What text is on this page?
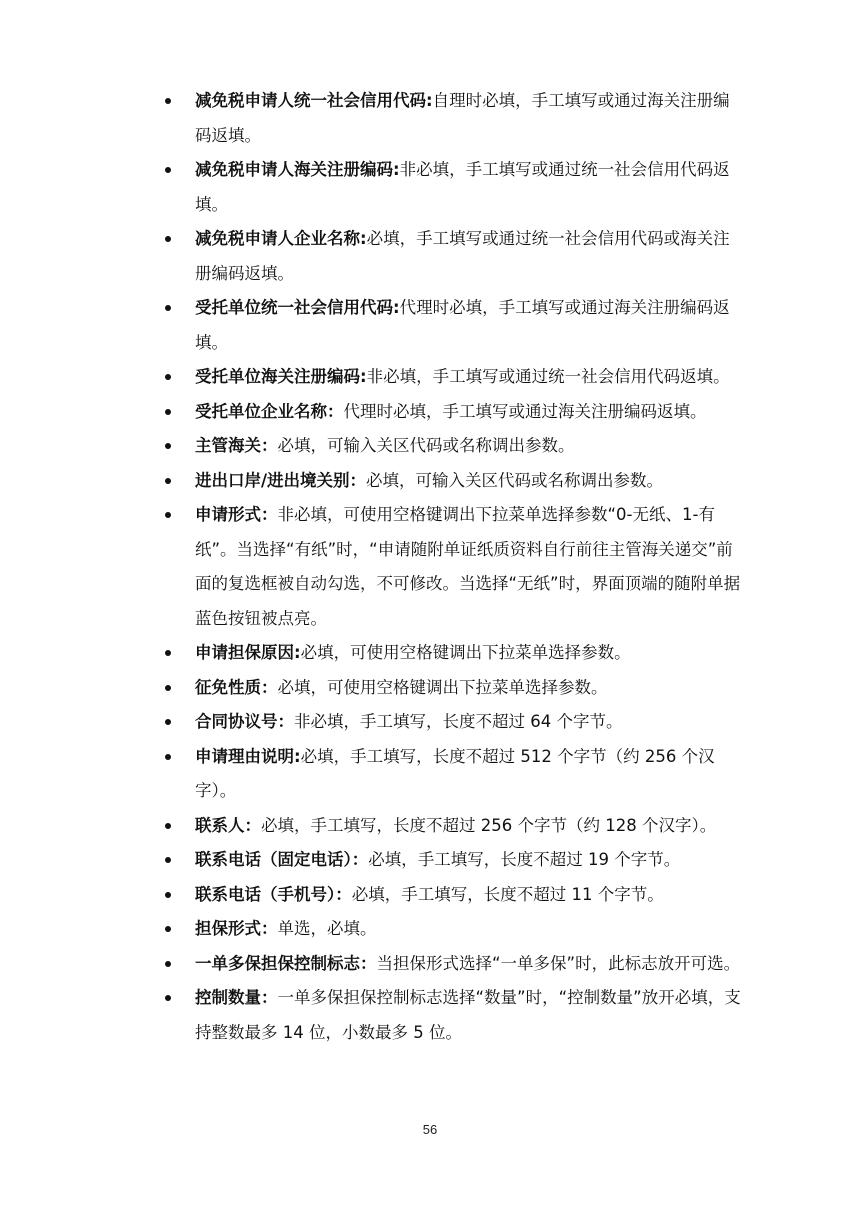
减免税申请人统一社会信用代码:自理时必填，手工填写或通过海关注册编码返填。
减免税申请人海关注册编码:非必填，手工填写或通过统一社会信用代码返填。
减免税申请人企业名称:必填，手工填写或通过统一社会信用代码或海关注册编码返填。
受托单位统一社会信用代码:代理时必填，手工填写或通过海关注册编码返填。
受托单位海关注册编码:非必填，手工填写或通过统一社会信用代码返填。
受托单位企业名称：代理时必填，手工填写或通过海关注册编码返填。
主管海关：必填，可输入关区代码或名称调出参数。
进出口岸/进出境关别：必填，可输入关区代码或名称调出参数。
申请形式：非必填，可使用空格键调出下拉菜单选择参数“0-无纸、1-有纸”。当选择“有纸”时，“申请随附单证纸质资料自行前往主管海关递交”前面的复选框被自动勾选，不可修改。当选择“无纸”时，界面顶端的随附单据蓝色按钮被点亮。
申请担保原因:必填，可使用空格键调出下拉菜单选择参数。
征免性质：必填，可使用空格键调出下拉菜单选择参数。
合同协议号：非必填，手工填写，长度不超过 64 个字节。
申请理由说明:必填，手工填写，长度不超过 512 个字节（约 256 个汉字）。
联系人：必填，手工填写，长度不超过 256 个字节（约 128 个汉字）。
联系电话（固定电话）：必填，手工填写，长度不超过 19 个字节。
联系电话（手机号）：必填，手工填写，长度不超过 11 个字节。
担保形式：单选，必填。
一单多保担保控制标志：当担保形式选择“一单多保”时，此标志放开可选。
控制数量：一单多保担保控制标志选择“数量”时，“控制数量”放开必填，支持整数最多 14 位，小数最多 5 位。
56
